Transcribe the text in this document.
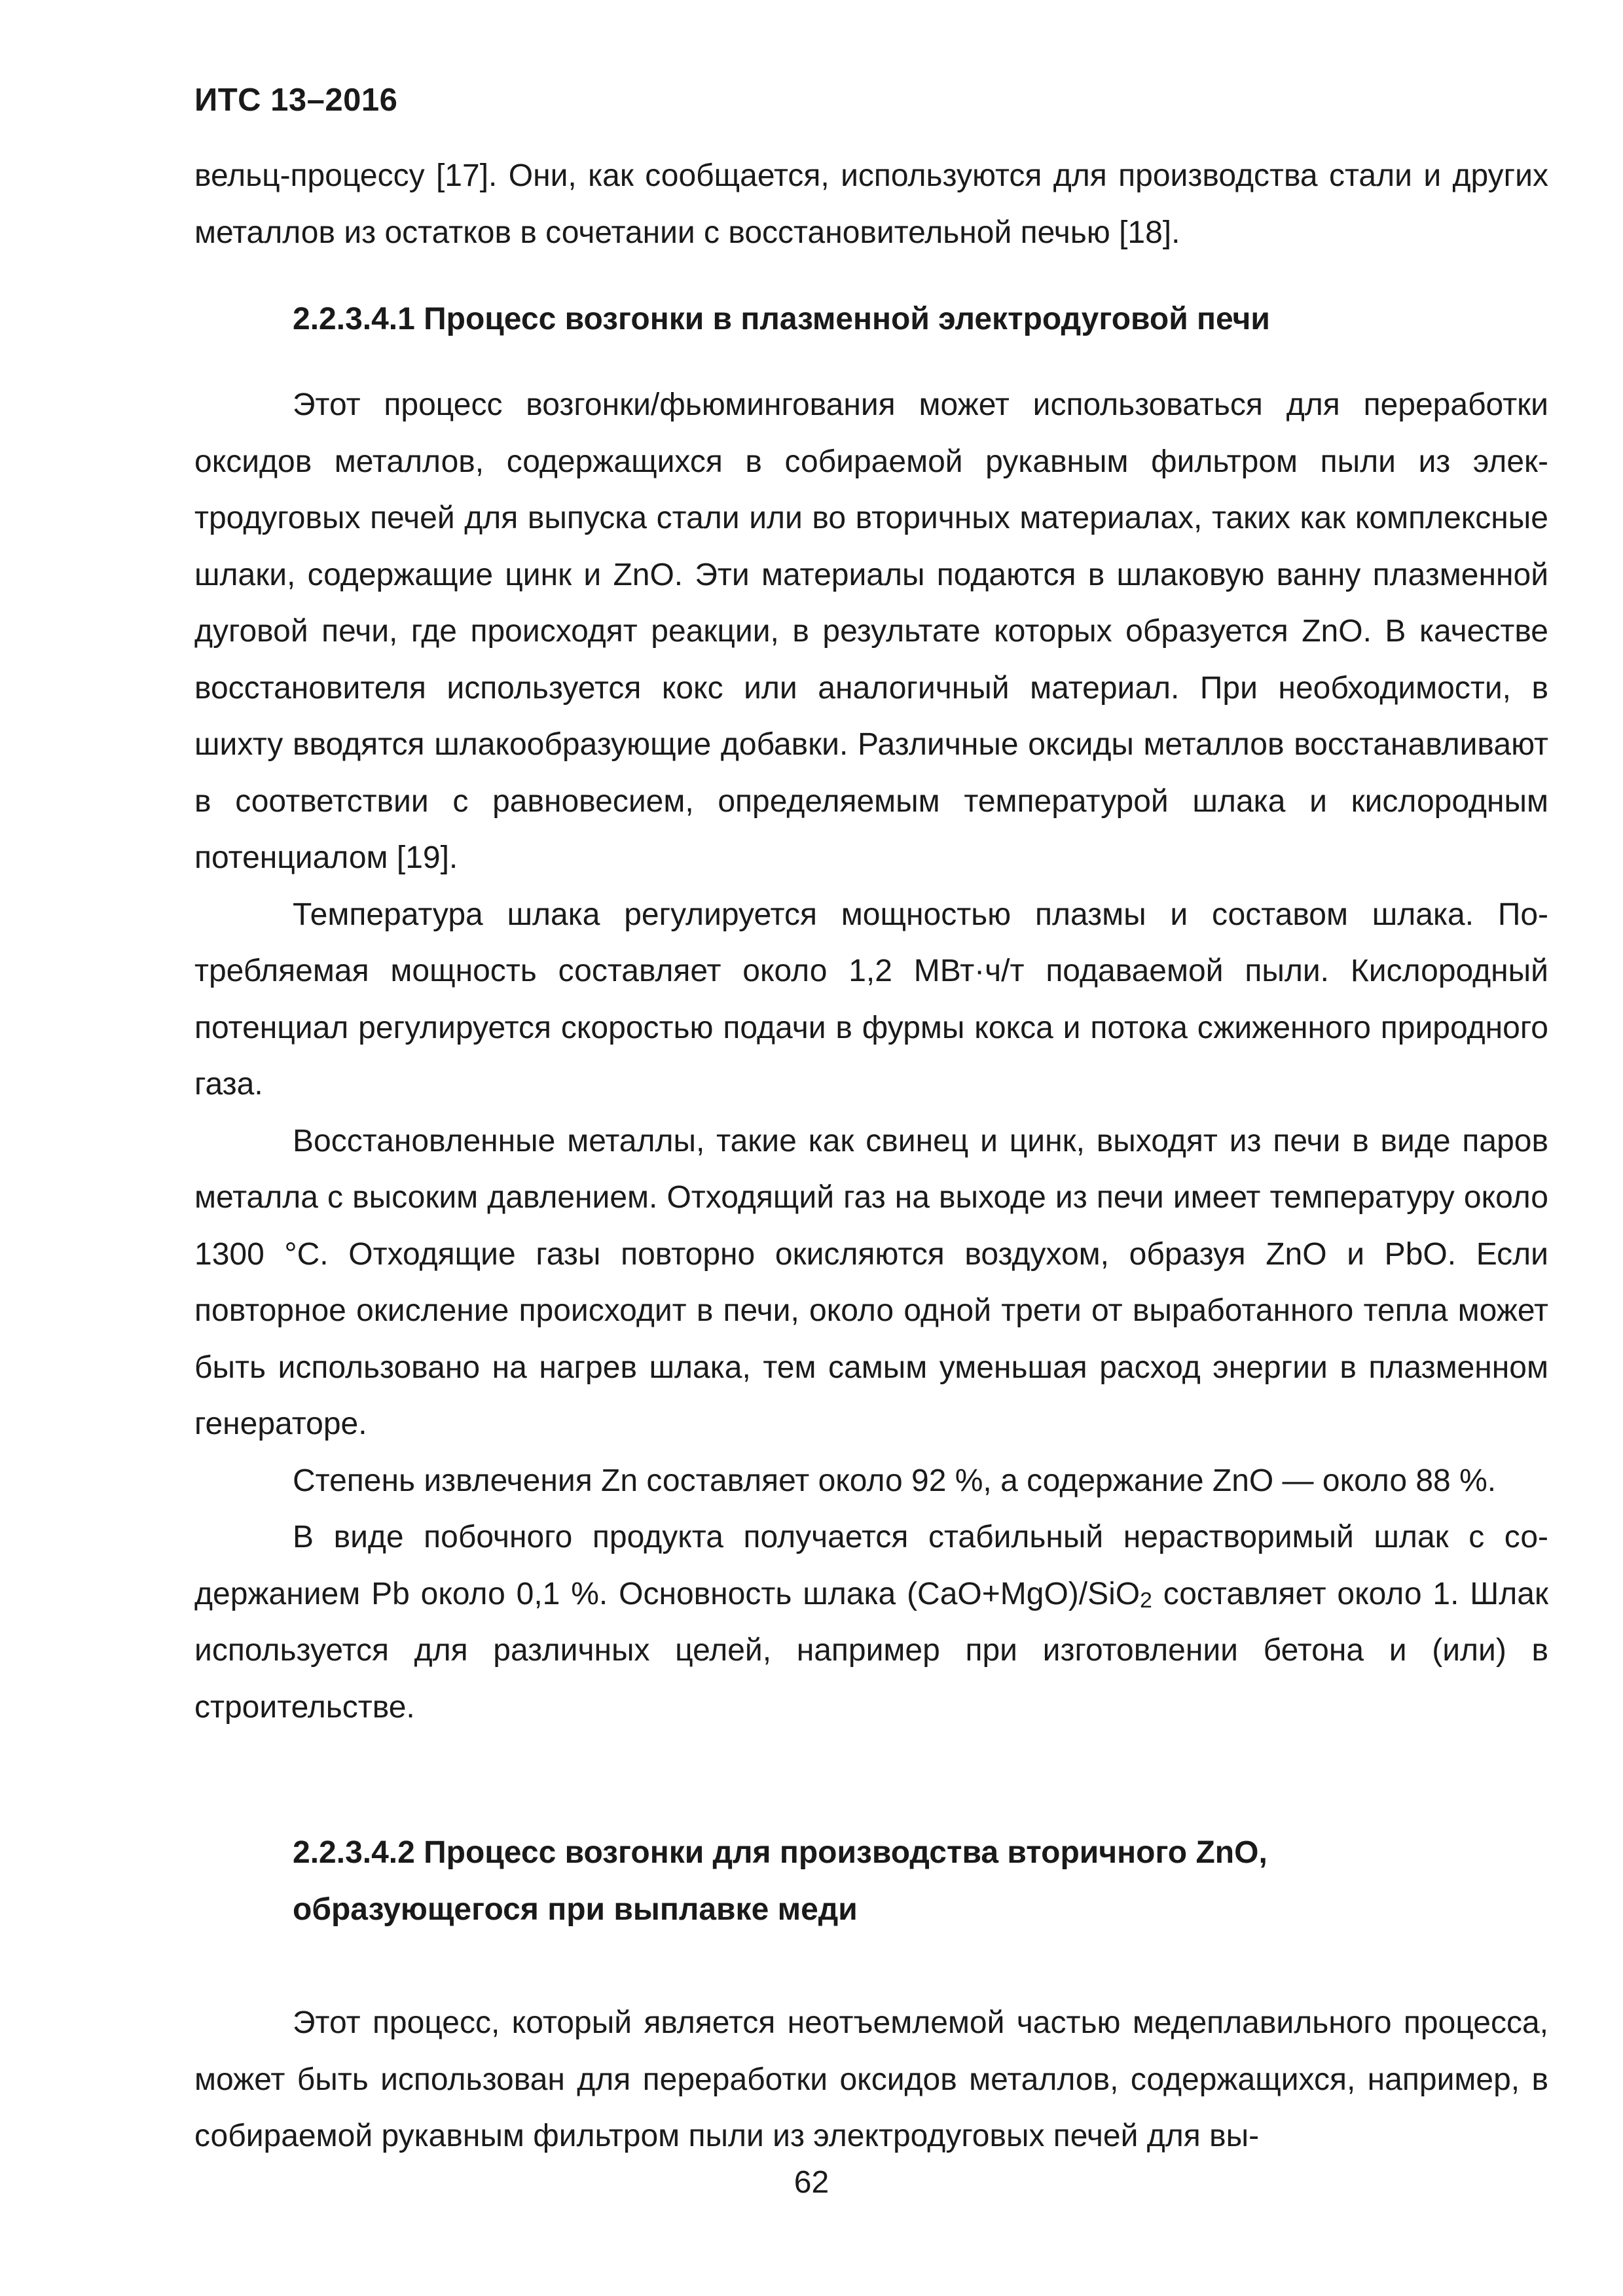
ИТС 13–2016

вельц-процессу [17]. Они, как сообщается, используются для производства стали и других металлов из остатков в сочетании с восстановительной печью [18].

2.2.3.4.1 Процесс возгонки в плазменной электродуговой печи

Этот процесс возгонки/фьюмингования может использоваться для переработки оксидов металлов, содержащихся в собираемой рукавным фильтром пыли из электродуговых печей для выпуска стали или во вторичных материалах, таких как комплексные шлаки, содержащие цинк и ZnO. Эти материалы подаются в шлаковую ванну плазменной дуговой печи, где происходят реакции, в результате которых образуется ZnO. В качестве восстановителя используется кокс или аналогичный материал. При необходимости, в шихту вводятся шлакообразующие добавки. Различные оксиды металлов восстанавливают в соответствии с равновесием, определяемым температурой шлака и кислородным потенциалом [19].

Температура шлака регулируется мощностью плазмы и составом шлака. Потребляемая мощность составляет около 1,2 МВт·ч/т подаваемой пыли. Кислородный потенциал регулируется скоростью подачи в фурмы кокса и потока сжиженного природного газа.

Восстановленные металлы, такие как свинец и цинк, выходят из печи в виде паров металла с высоким давлением. Отходящий газ на выходе из печи имеет температуру около 1300 °С. Отходящие газы повторно окисляются воздухом, образуя ZnO и PbO. Если повторное окисление происходит в печи, около одной трети от выработанного тепла может быть использовано на нагрев шлака, тем самым уменьшая расход энергии в плазменном генераторе.

Степень извлечения Zn составляет около 92 %, а содержание ZnO — около 88 %.

В виде побочного продукта получается стабильный нерастворимый шлак с содержанием Pb около 0,1 %. Основность шлака (CaO+MgO)/SiO2 составляет около 1. Шлак используется для различных целей, например при изготовлении бетона и (или) в строительстве.

2.2.3.4.2 Процесс возгонки для производства вторичного ZnO,
образующегося при выплавке меди

Этот процесс, который является неотъемлемой частью медеплавильного процесса, может быть использован для переработки оксидов металлов, содержащихся, например, в собираемой рукавным фильтром пыли из электродуговых печей для вы-

62
